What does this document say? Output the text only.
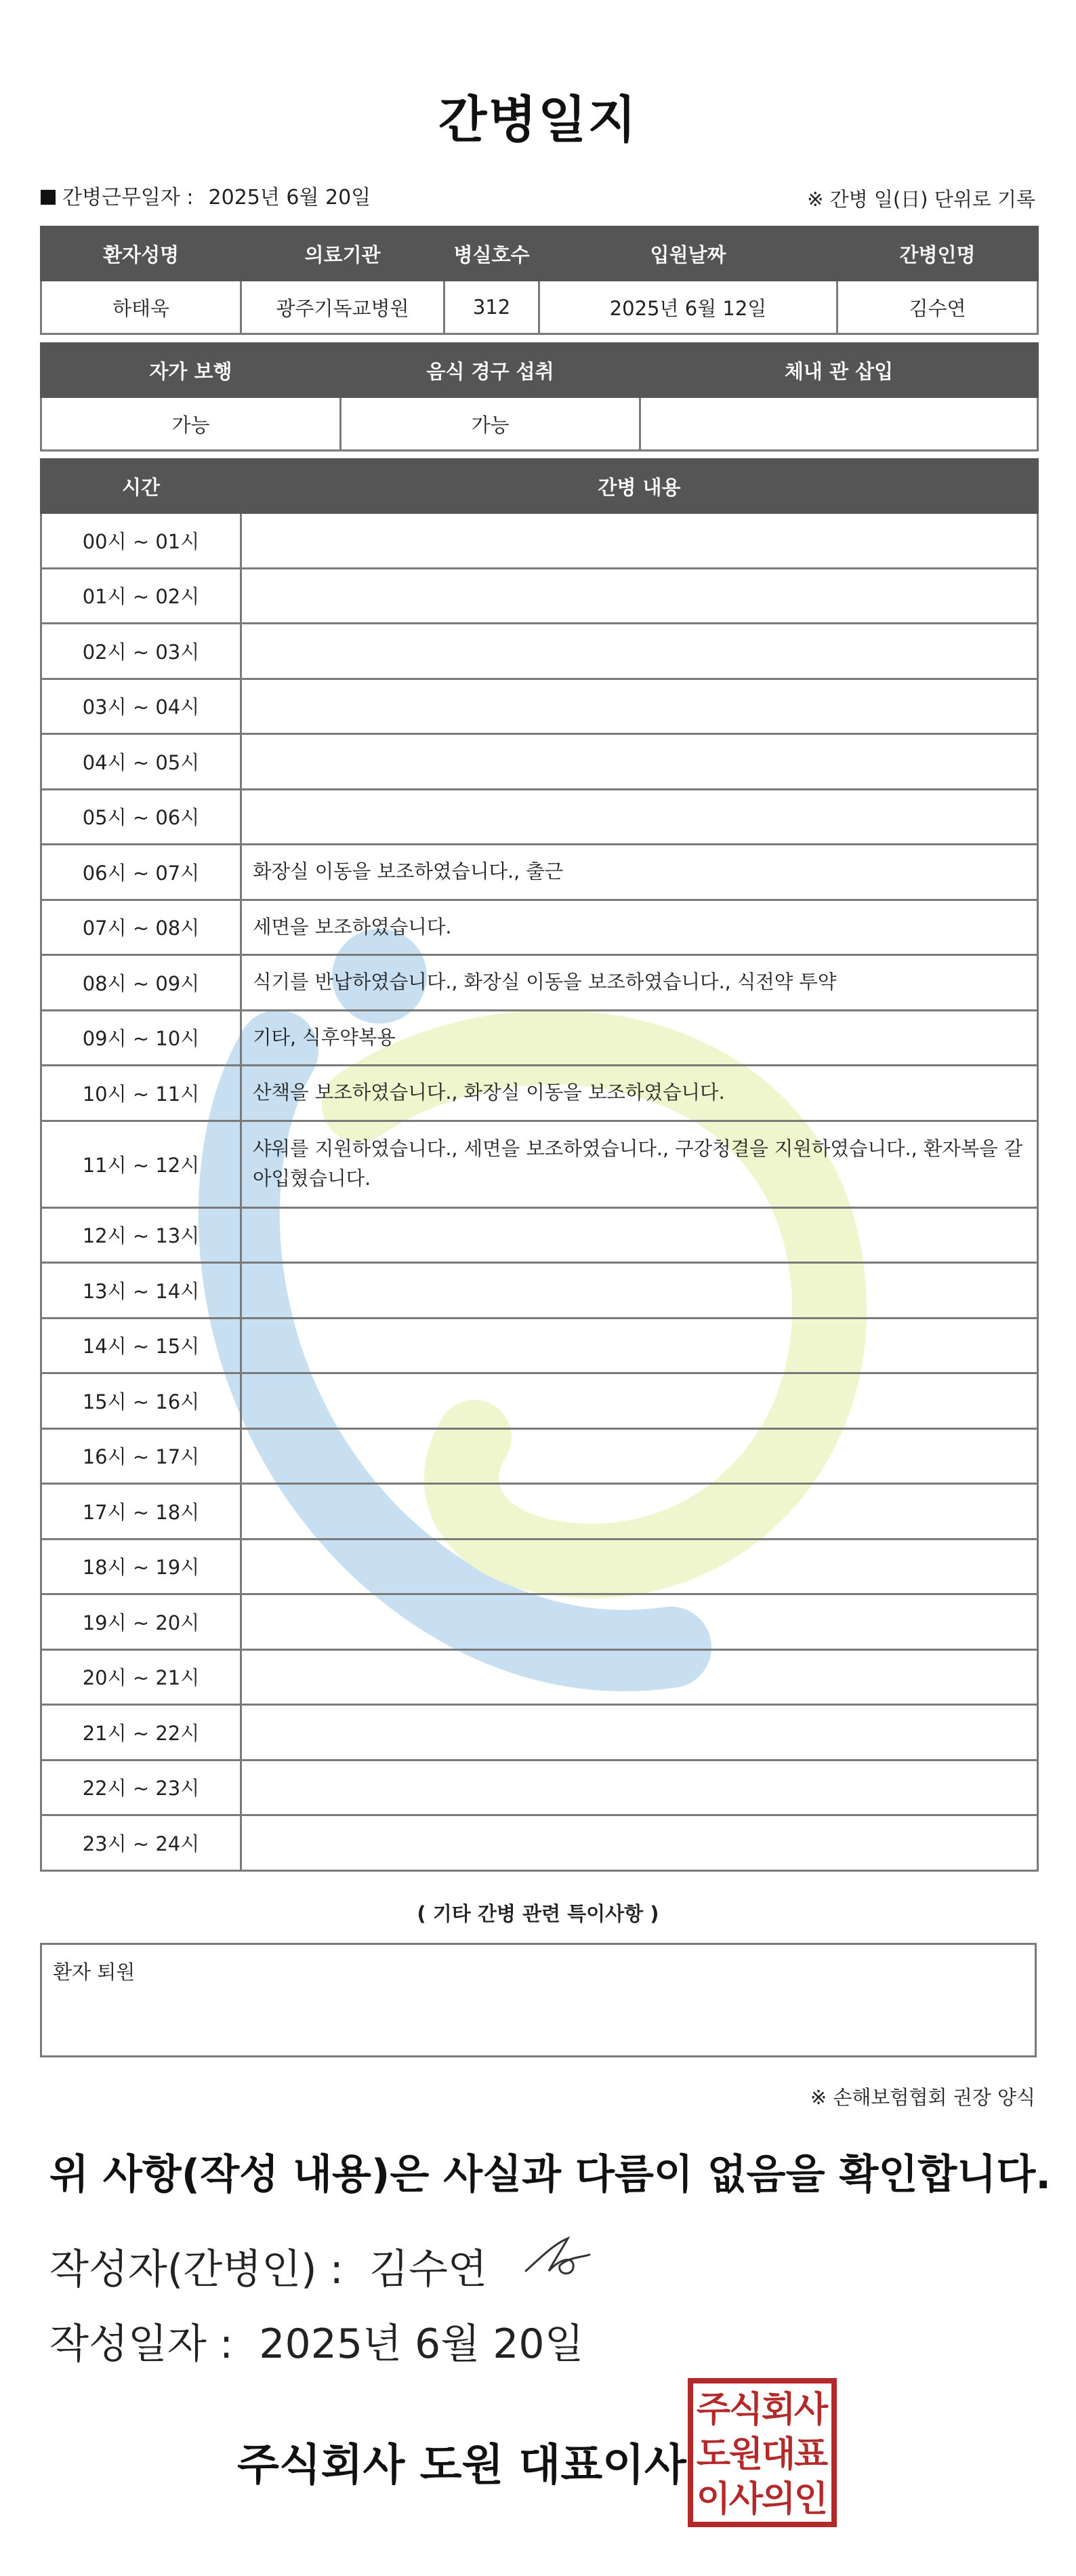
간병일지
간병근무일자 : 2025년 6월 20일	※ 간병 일(日) 단위로 기록
환자성명	의료기관	병실호수	입원날짜	간병인명
하태욱	광주기독교병원	312	2025년 6월 12일	김수연
자가 보행	음식 경구 섭취	체내 관 삽입
가능	가능	
시간	간병 내용
00시 ~ 01시	
01시 ~ 02시	
02시 ~ 03시	
03시 ~ 04시	
04시 ~ 05시	
05시 ~ 06시	
06시 ~ 07시	화장실 이동을 보조하였습니다., 출근
07시 ~ 08시	세면을 보조하였습니다.
08시 ~ 09시	식기를 반납하였습니다., 화장실 이동을 보조하였습니다., 식전약 투약
09시 ~ 10시	기타, 식후약복용
10시 ~ 11시	산책을 보조하였습니다., 화장실 이동을 보조하였습니다.
11시 ~ 12시	샤워를 지원하였습니다., 세면을 보조하였습니다., 구강청결을 지원하였습니다., 환자복을 갈아입혔습니다.
12시 ~ 13시	
13시 ~ 14시	
14시 ~ 15시	
15시 ~ 16시	
16시 ~ 17시	
17시 ~ 18시	
18시 ~ 19시	
19시 ~ 20시	
20시 ~ 21시	
21시 ~ 22시	
22시 ~ 23시	
23시 ~ 24시	
( 기타 간병 관련 특이사항 )
환자 퇴원
※ 손해보험협회 권장 양식
위 사항(작성 내용)은 사실과 다름이 없음을 확인합니다.
작성자(간병인) : 김수연
작성일자 : 2025년 6월 20일
주식회사 도원 대표이사
주
식
회
사
도
원
대
표
이
사
의
인
